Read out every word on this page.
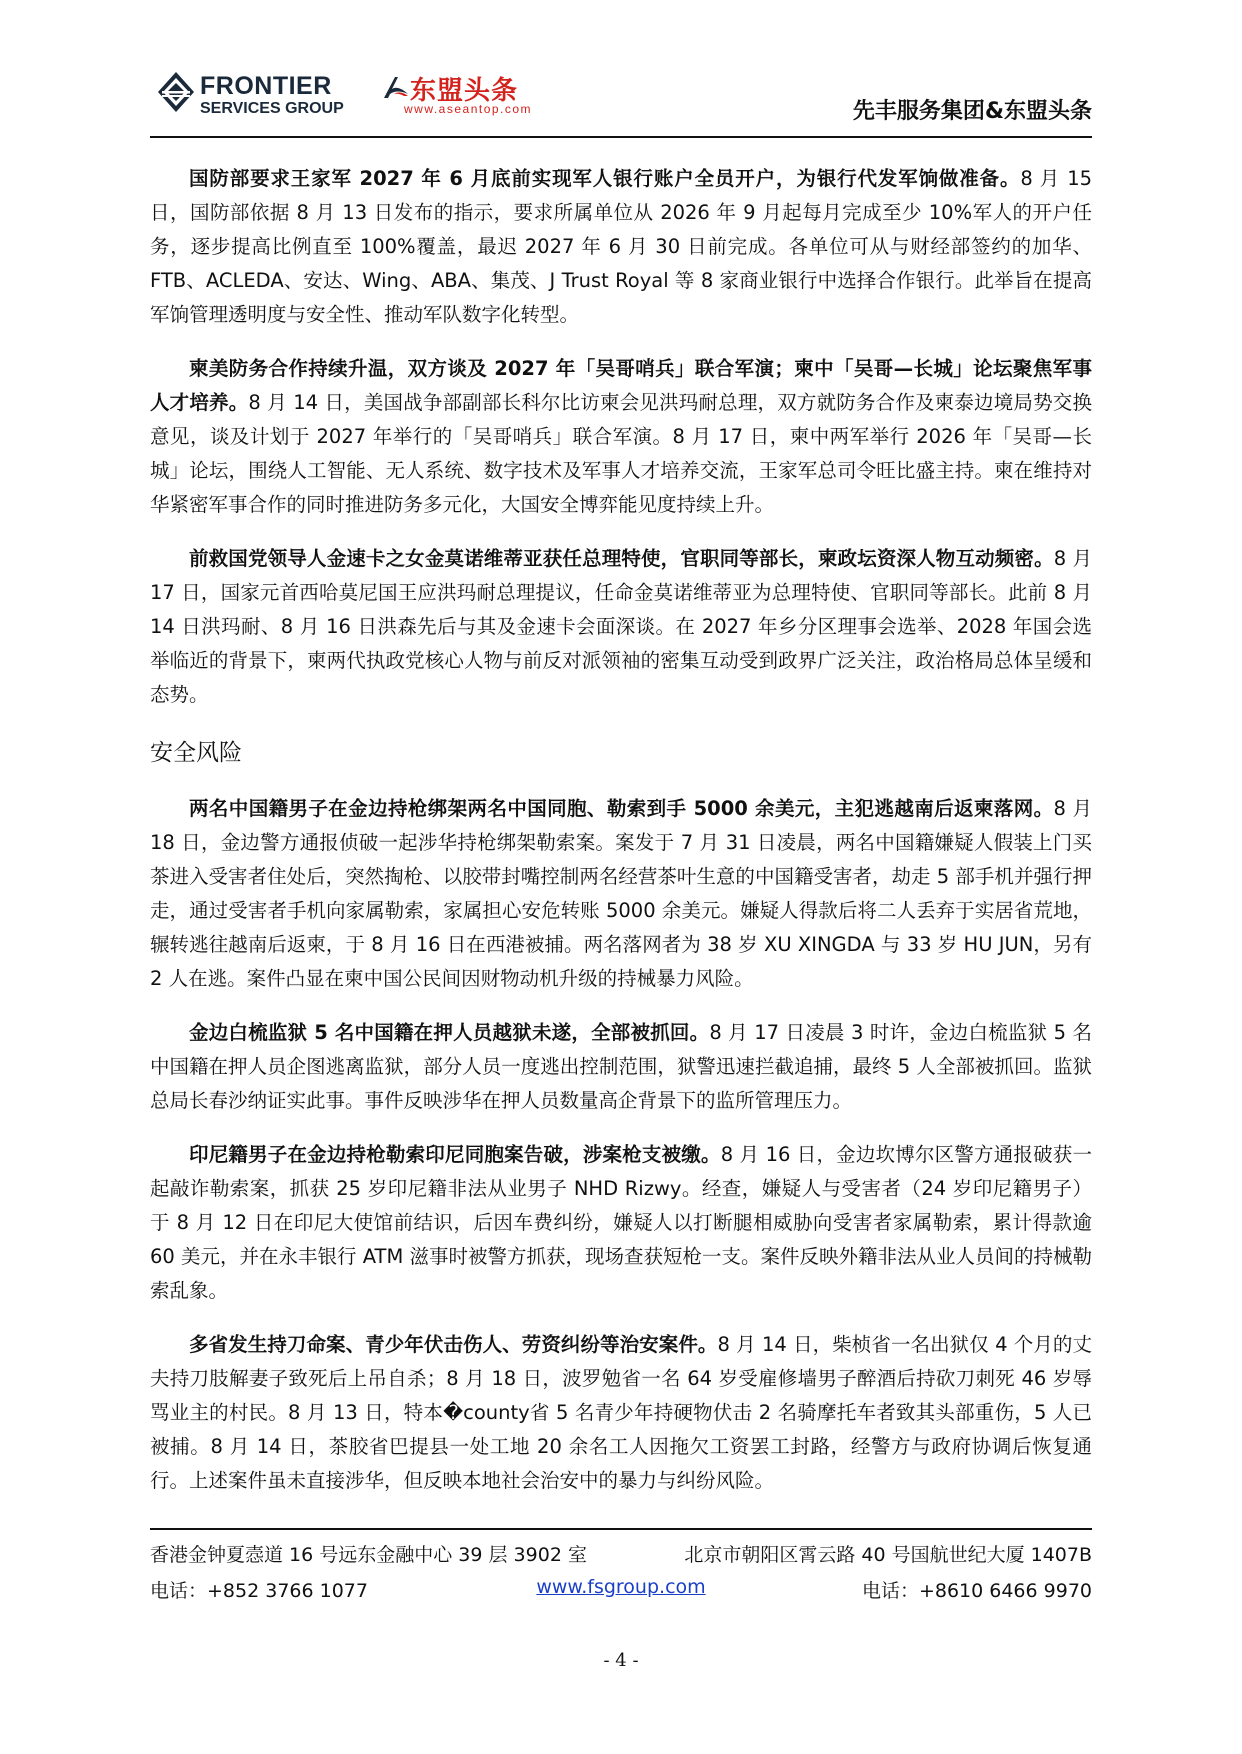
FRONTIER
SERVICES GROUP
东盟头条
www.aseantop.com	先丰服务集团&东盟头条

国防部要求王家军 2027 年 6 月底前实现军人银行账户全员开户，为银行代发军饷做准备。8 月 15 日，国防部依据 8 月 13 日发布的指示，要求所属单位从 2026 年 9 月起每月完成至少 10%军人的开户任务，逐步提高比例直至 100%覆盖，最迟 2027 年 6 月 30 日前完成。各单位可从与财经部签约的加华、FTB、ACLEDA、安达、Wing、ABA、集茂、J Trust Royal 等 8 家商业银行中选择合作银行。此举旨在提高军饷管理透明度与安全性、推动军队数字化转型。

柬美防务合作持续升温，双方谈及 2027 年「吴哥哨兵」联合军演；柬中「吴哥—长城」论坛聚焦军事人才培养。8 月 14 日，美国战争部副部长科尔比访柬会见洪玛耐总理，双方就防务合作及柬泰边境局势交换意见，谈及计划于 2027 年举行的「吴哥哨兵」联合军演。8 月 17 日，柬中两军举行 2026 年「吴哥—长城」论坛，围绕人工智能、无人系统、数字技术及军事人才培养交流，王家军总司令旺比盛主持。柬在维持对华紧密军事合作的同时推进防务多元化，大国安全博弈能见度持续上升。

前救国党领导人金速卡之女金莫诺维蒂亚获任总理特使，官职同等部长，柬政坛资深人物互动频密。8 月 17 日，国家元首西哈莫尼国王应洪玛耐总理提议，任命金莫诺维蒂亚为总理特使、官职同等部长。此前 8 月 14 日洪玛耐、8 月 16 日洪森先后与其及金速卡会面深谈。在 2027 年乡分区理事会选举、2028 年国会选举临近的背景下，柬两代执政党核心人物与前反对派领袖的密集互动受到政界广泛关注，政治格局总体呈缓和态势。

安全风险

两名中国籍男子在金边持枪绑架两名中国同胞、勒索到手 5000 余美元，主犯逃越南后返柬落网。8 月 18 日，金边警方通报侦破一起涉华持枪绑架勒索案。案发于 7 月 31 日凌晨，两名中国籍嫌疑人假装上门买茶进入受害者住处后，突然掏枪、以胶带封嘴控制两名经营茶叶生意的中国籍受害者，劫走 5 部手机并强行押走，通过受害者手机向家属勒索，家属担心安危转账 5000 余美元。嫌疑人得款后将二人丢弃于实居省荒地，辗转逃往越南后返柬，于 8 月 16 日在西港被捕。两名落网者为 38 岁 XU XINGDA 与 33 岁 HU JUN，另有 2 人在逃。案件凸显在柬中国公民间因财物动机升级的持械暴力风险。

金边白梳监狱 5 名中国籍在押人员越狱未遂，全部被抓回。8 月 17 日凌晨 3 时许，金边白梳监狱 5 名中国籍在押人员企图逃离监狱，部分人员一度逃出控制范围，狱警迅速拦截追捕，最终 5 人全部被抓回。监狱总局长春沙纳证实此事。事件反映涉华在押人员数量高企背景下的监所管理压力。

印尼籍男子在金边持枪勒索印尼同胞案告破，涉案枪支被缴。8 月 16 日，金边坎博尔区警方通报破获一起敲诈勒索案，抓获 25 岁印尼籍非法从业男子 NHD Rizwy。经查，嫌疑人与受害者（24 岁印尼籍男子）于 8 月 12 日在印尼大使馆前结识，后因车费纠纷，嫌疑人以打断腿相威胁向受害者家属勒索，累计得款逾 60 美元，并在永丰银行 ATM 滋事时被警方抓获，现场查获短枪一支。案件反映外籍非法从业人员间的持械勒索乱象。

多省发生持刀命案、青少年伏击伤人、劳资纠纷等治安案件。8 月 14 日，柴桢省一名出狱仅 4 个月的丈夫持刀肢解妻子致死后上吊自杀；8 月 18 日，波罗勉省一名 64 岁受雇修墙男子醉酒后持砍刀刺死 46 岁辱骂业主的村民。8 月 13 日，特本�county省 5 名青少年持硬物伏击 2 名骑摩托车者致其头部重伤，5 人已被捕。8 月 14 日，茶胶省巴提县一处工地 20 余名工人因拖欠工资罢工封路，经警方与政府协调后恢复通行。上述案件虽未直接涉华，但反映本地社会治安中的暴力与纠纷风险。

香港金钟夏悫道 16 号远东金融中心 39 层 3902 室	北京市朝阳区霄云路 40 号国航世纪大厦 1407B
电话：+852 3766 1077	www.fsgroup.com	电话：+8610 6466 9970
- 4 -
